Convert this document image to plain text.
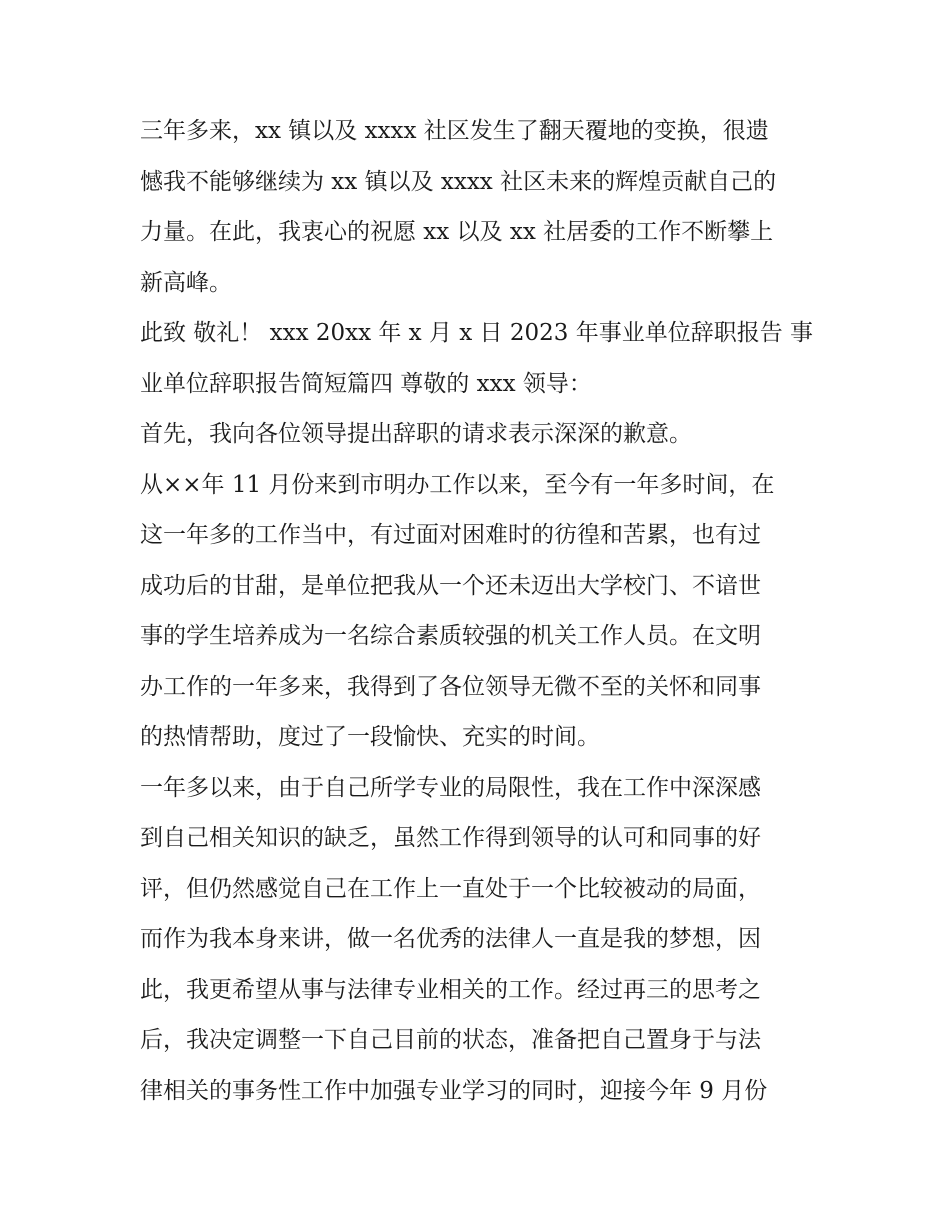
三年多来，xx 镇以及 xxxx 社区发生了翻天覆地的变换，很遗
憾我不能够继续为 xx 镇以及 xxxx 社区未来的辉煌贡献自己的
力量。在此，我衷心的祝愿 xx 以及 xx 社居委的工作不断攀上
新高峰。
此致 敬礼！ xxx 20xx 年 x 月 x 日 2023 年事业单位辞职报告 事
业单位辞职报告简短篇四 尊敬的 xxx 领导：
首先，我向各位领导提出辞职的请求表示深深的歉意。
从××年 11 月份来到市明办工作以来，至今有一年多时间，在
这一年多的工作当中，有过面对困难时的彷徨和苦累，也有过
成功后的甘甜，是单位把我从一个还未迈出大学校门、不谙世
事的学生培养成为一名综合素质较强的机关工作人员。在文明
办工作的一年多来，我得到了各位领导无微不至的关怀和同事
的热情帮助，度过了一段愉快、充实的时间。
一年多以来，由于自己所学专业的局限性，我在工作中深深感
到自己相关知识的缺乏，虽然工作得到领导的认可和同事的好
评，但仍然感觉自己在工作上一直处于一个比较被动的局面，
而作为我本身来讲，做一名优秀的法律人一直是我的梦想，因
此，我更希望从事与法律专业相关的工作。经过再三的思考之
后，我决定调整一下自己目前的状态，准备把自己置身于与法
律相关的事务性工作中加强专业学习的同时，迎接今年 9 月份
